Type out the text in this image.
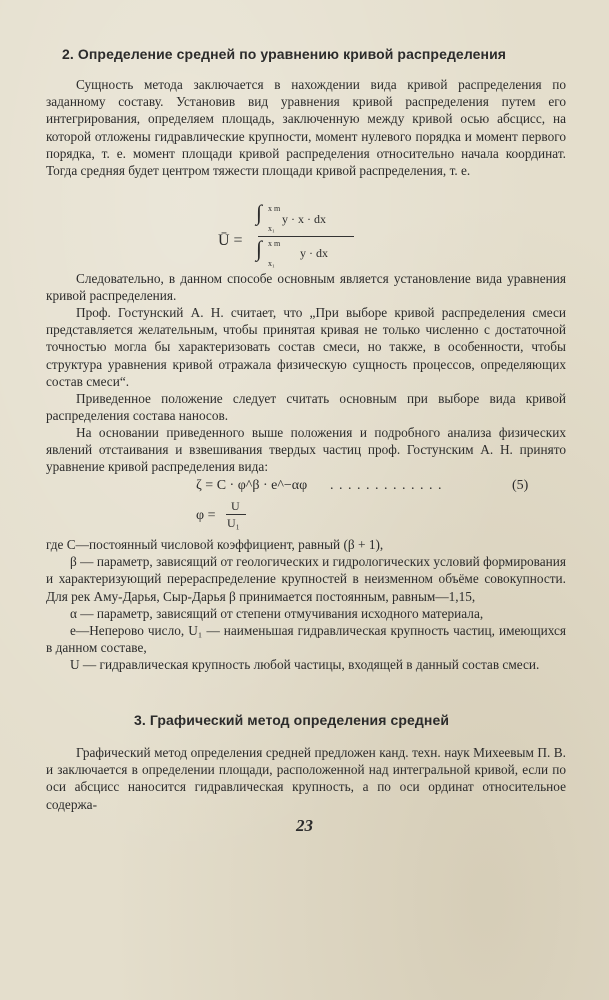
2. Определение средней по уравнению кривой распределения

Сущность метода заключается в нахождении вида кривой распределения по заданному составу. Установив вид уравнения кривой распределения путем его интегрирования, определяем площадь, заключенную между кривой осью абсцисс, на которой отложены гидравлические крупности, момент нулевого порядка и момент первого порядка, т. е. момент площади кривой распределения относительно начала координат. Тогда средняя будет центром тяжести площади кривой распределения, т. е.

Ū =
∫ x m
x₁
y · x · dx
∫ x m
x₁
y · dx

Следовательно, в данном способе основным является установление вида уравнения кривой распределения.

Проф. Гостунский А. Н. считает, что „При выборе кривой распределения смеси представляется желательным, чтобы принятая кривая не только численно с достаточной точностью могла бы характеризовать состав смеси, но также, в особенности, чтобы структура уравнения кривой отражала физическую сущность процессов, определяющих состав смеси“.

Приведенное положение следует считать основным при выборе вида кривой распределения состава наносов.

На основании приведенного выше положения и подробного анализа физических явлений отстаивания и взвешивания твердых частиц проф. Гостунским А. Н. принято уравнение кривой распределения вида:

ζ = C · φ^β · e^−αφ . . . . . . . . . . . . .	(5)
φ =
U
U₁

где С—постоянный числовой коэффициент, равный (β + 1),

β — параметр, зависящий от геологических и гидрологических условий формирования и характеризующий перераспределение крупностей в неизменном объёме совокупности. Для рек Аму-Дарья, Сыр-Дарья β принимается постоянным, равным—1,15,

α — параметр, зависящий от степени отмучивания исходного материала,

e—Неперово число, U₁ — наименьшая гидравлическая крупность частиц, имеющихся в данном составе,

U — гидравлическая крупность любой частицы, входящей в данный состав смеси.

3. Графический метод определения средней

Графический метод определения средней предложен канд. техн. наук Михеевым П. В. и заключается в определении площади, расположенной над интегральной кривой, если по оси абсцисс наносится гидравлическая крупность, а по оси ординат относительное содержа-

23
